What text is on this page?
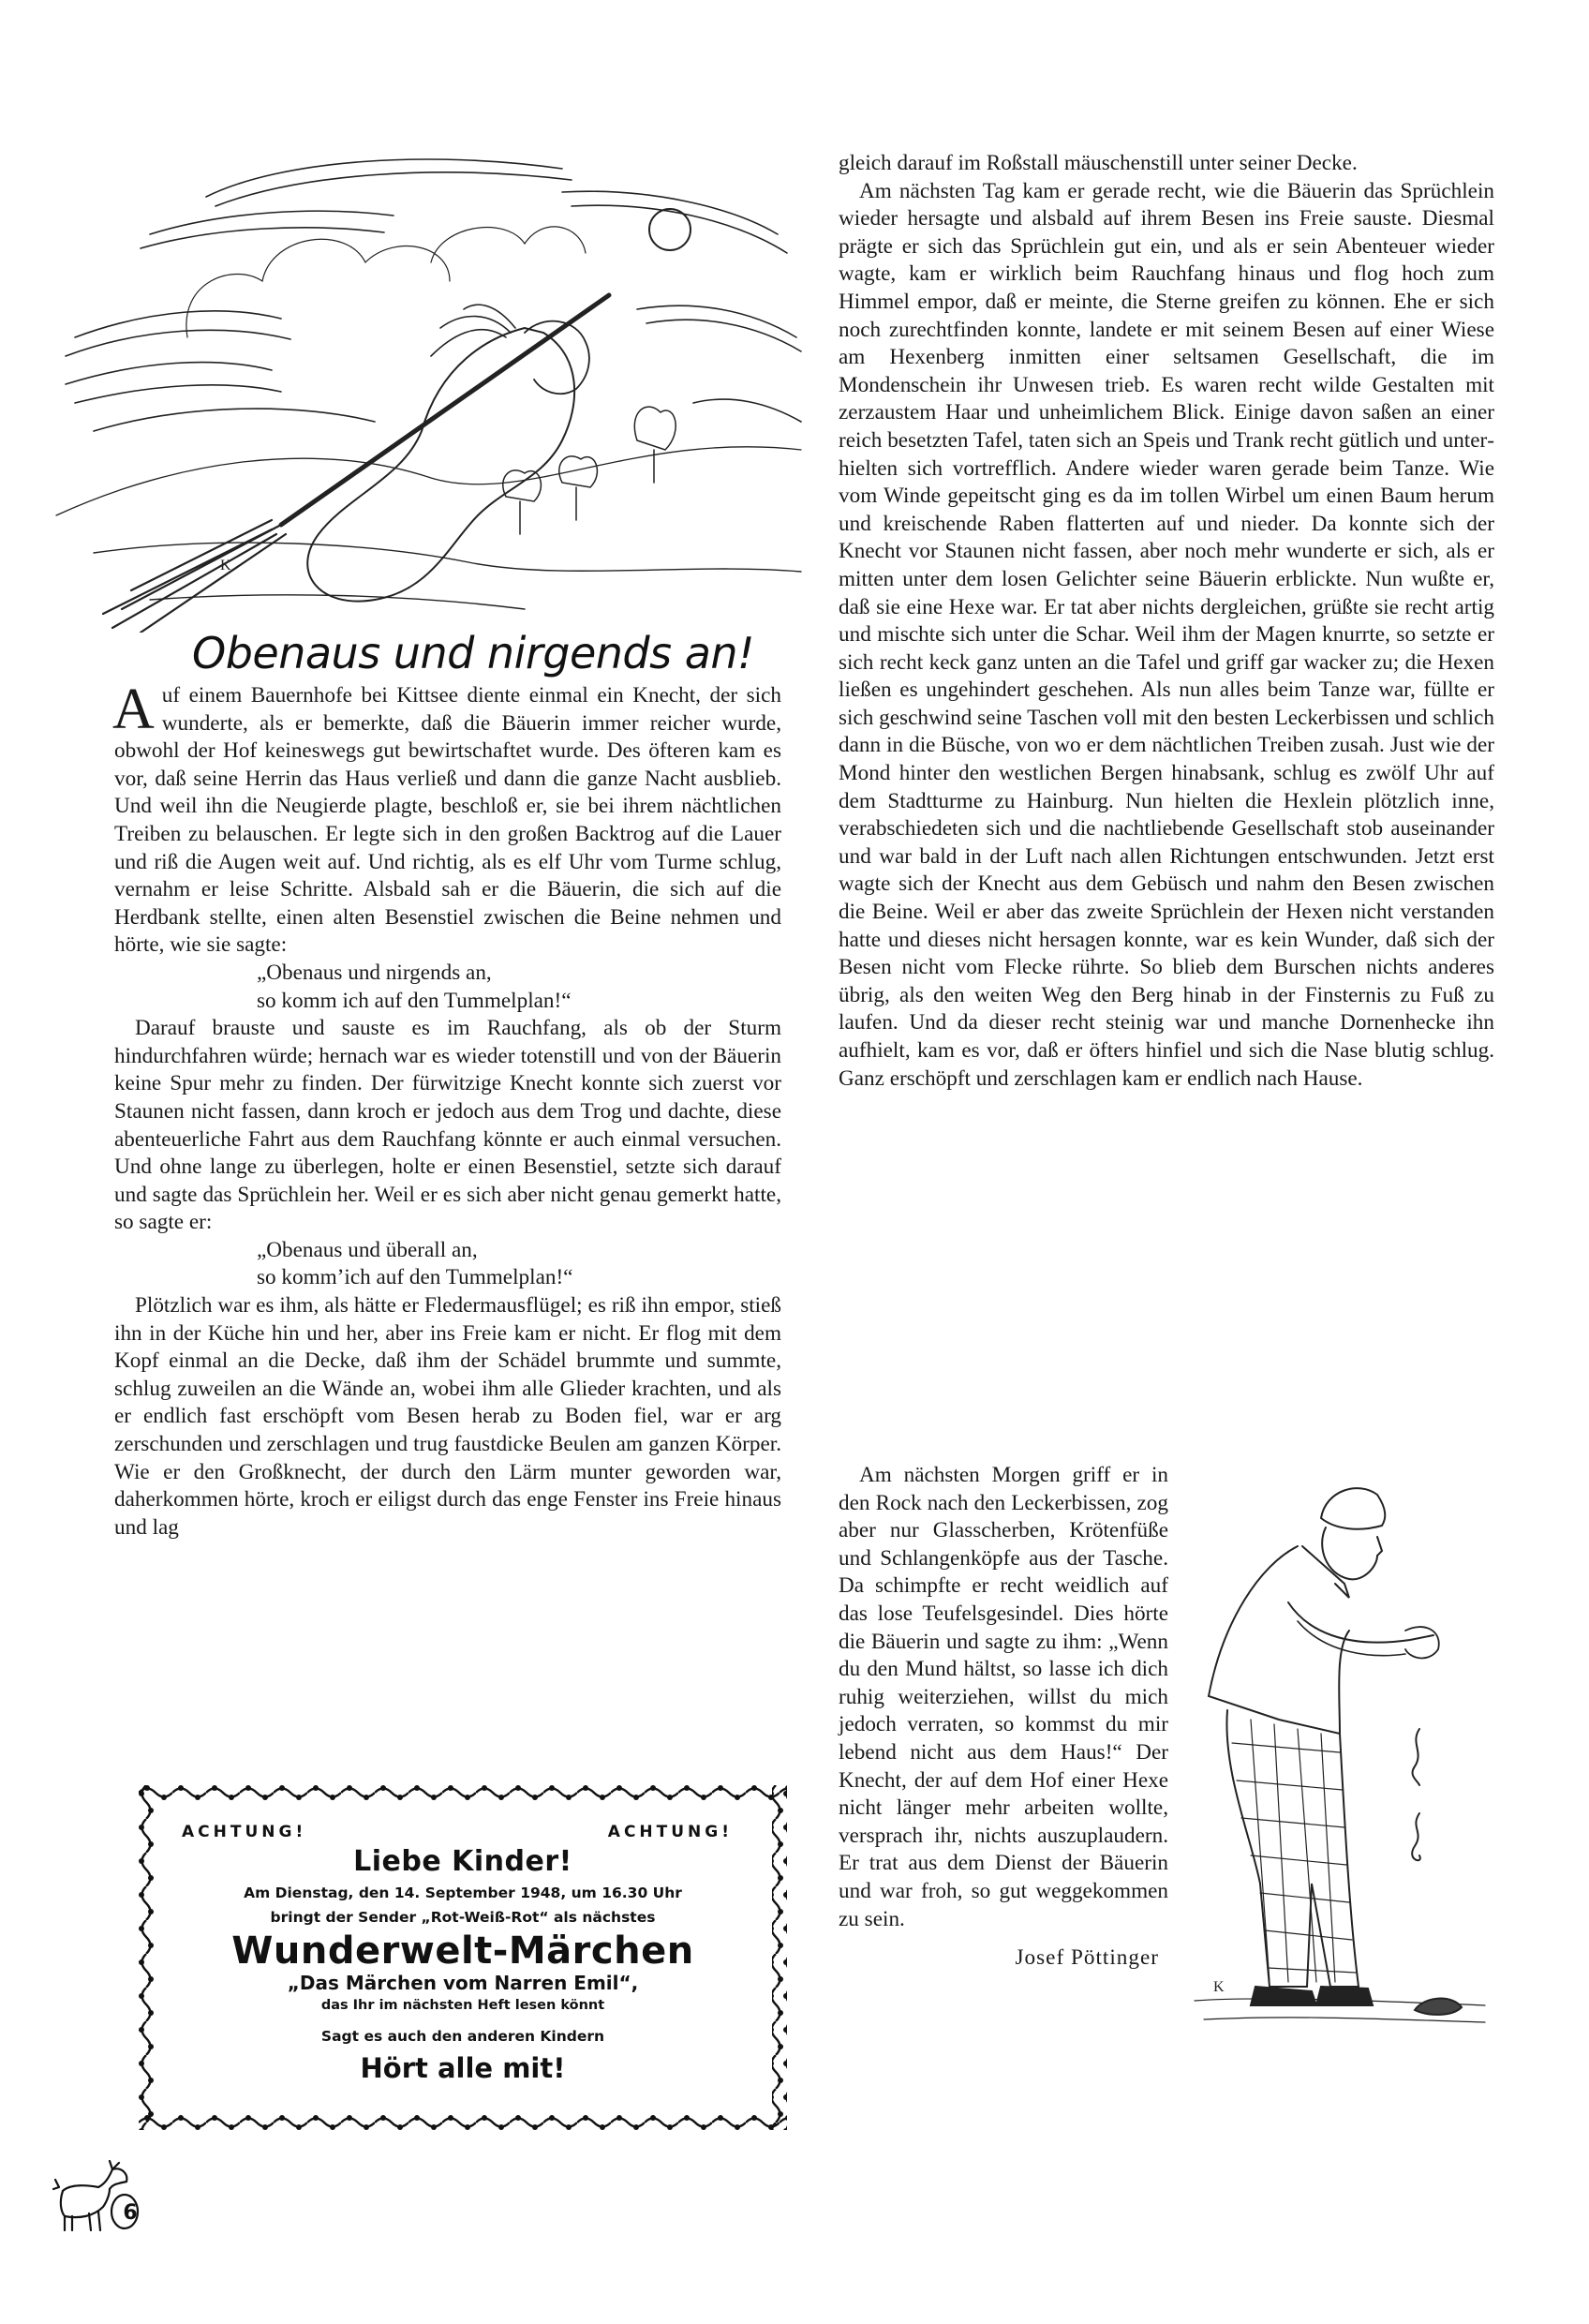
K
Obenaus und nirgends an!

Auf einem Bauernhofe bei Kittsee diente einmal ein Knecht, der sich wunderte, als er bemerkte, daß die Bäuerin immer reicher wurde, obwohl der Hof keineswegs gut bewirtschaftet wurde. Des öfteren kam es vor, daß seine Herrin das Haus verließ und dann die ganze Nacht ausblieb. Und weil ihn die Neugierde plagte, beschloß er, sie bei ihrem nächtlichen Treiben zu belauschen. Er legte sich in den großen Backtrog auf die Lauer und riß die Augen weit auf. Und richtig, als es elf Uhr vom Turme schlug, vernahm er leise Schritte. Alsbald sah er die Bäuerin, die sich auf die Herdbank stellte, einen alten Besenstiel zwischen die Beine nehmen und hörte, wie sie sagte:

„Obenaus und nirgends an,

so komm ich auf den Tummelplan!“

Darauf brauste und sauste es im Rauchfang, als ob der Sturm hindurchfahren würde; hernach war es wieder totenstill und von der Bäuerin keine Spur mehr zu finden. Der fürwitzige Knecht konnte sich zuerst vor Staunen nicht fassen, dann kroch er jedoch aus dem Trog und dachte, diese abenteuerliche Fahrt aus dem Rauchfang könnte er auch einmal versuchen. Und ohne lange zu überlegen, holte er einen Besenstiel, setzte sich darauf und sagte das Sprüchlein her. Weil er es sich aber nicht genau gemerkt hatte, so sagte er:

„Obenaus und überall an,

so komm’ich auf den Tummelplan!“

Plötzlich war es ihm, als hätte er Fledermausflügel; es riß ihn empor, stieß ihn in der Küche hin und her, aber ins Freie kam er nicht. Er flog mit dem Kopf einmal an die Decke, daß ihm der Schädel brummte und summte, schlug zuweilen an die Wände an, wobei ihm alle Glieder krachten, und als er endlich fast erschöpft vom Besen herab zu Boden fiel, war er arg zerschunden und zerschlagen und trug faustdicke Beulen am ganzen Körper. Wie er den Großknecht, der durch den Lärm munter geworden war, daherkommen hörte, kroch er eiligst durch das enge Fenster ins Freie hinaus und lag

gleich darauf im Roßstall mäuschenstill unter seiner Decke.

Am nächsten Tag kam er gerade recht, wie die Bäuerin das Sprüchlein wieder hersagte und alsbald auf ihrem Besen ins Freie sauste. Diesmal prägte er sich das Sprüchlein gut ein, und als er sein Abenteuer wieder wagte, kam er wirklich beim Rauchfang hinaus und flog hoch zum Himmel empor, daß er meinte, die Sterne greifen zu können. Ehe er sich noch zurechtfinden konnte, landete er mit seinem Besen auf einer Wiese am Hexenberg inmitten einer seltsamen Gesellschaft, die im Mondenschein ihr Unwesen trieb. Es waren recht wilde Gestalten mit zerzaustem Haar und unheimlichem Blick. Einige davon saßen an einer reich besetzten Tafel, taten sich an Speis und Trank recht gütlich und unterhielten sich vortrefflich. Andere wieder waren gerade beim Tanze. Wie vom Winde gepeitscht ging es da im tollen Wirbel um einen Baum herum und kreischende Raben flatterten auf und nieder. Da konnte sich der Knecht vor Staunen nicht fassen, aber noch mehr wunderte er sich, als er mitten unter dem losen Gelichter seine Bäuerin erblickte. Nun wußte er, daß sie eine Hexe war. Er tat aber nichts dergleichen, grüßte sie recht artig und mischte sich unter die Schar. Weil ihm der Magen knurrte, so setzte er sich recht keck ganz unten an die Tafel und griff gar wacker zu; die Hexen ließen es ungehindert geschehen. Als nun alles beim Tanze war, füllte er sich geschwind seine Taschen voll mit den besten Leckerbissen und schlich dann in die Büsche, von wo er dem nächtlichen Treiben zusah. Just wie der Mond hinter den westlichen Bergen hinabsank, schlug es zwölf Uhr auf dem Stadtturme zu Hainburg. Nun hielten die Hexlein plötzlich inne, verabschiedeten sich und die nachtliebende Gesellschaft stob auseinander und war bald in der Luft nach allen Richtungen entschwunden. Jetzt erst wagte sich der Knecht aus dem Gebüsch und nahm den Besen zwischen die Beine. Weil er aber das zweite Sprüchlein der Hexen nicht verstanden hatte und dieses nicht hersagen konnte, war es kein Wunder, daß sich der Besen nicht vom Flecke rührte. So blieb dem Burschen nichts anderes übrig, als den weiten Weg den Berg hinab in der Finsternis zu Fuß zu laufen. Und da dieser recht steinig war und manche Dornenhecke ihn aufhielt, kam es vor, daß er öfters hinfiel und sich die Nase blutig schlug. Ganz erschöpft und zerschlagen kam er endlich nach Hause.

Am nächsten Morgen griff er in den Rock nach den Leckerbissen, zog aber nur Glasscherben, Krötenfüße und Schlangenköpfe aus der Tasche. Da schimpfte er recht weidlich auf das lose Teufelsgesindel. Dies hörte die Bäuerin und sagte zu ihm: „Wenn du den Mund hältst, so lasse ich dich ruhig weiterziehen, willst du mich jedoch verraten, so kommst du mir lebend nicht aus dem Haus!“ Der Knecht, der auf dem Hof einer Hexe nicht länger mehr arbeiten wollte, versprach ihr, nichts auszuplaudern. Er trat aus dem Dienst der Bäuerin und war froh, so gut weggekommen zu sein.

Josef Pöttinger

K
ACHTUNG!	ACHTUNG!
Liebe Kinder!
Am Dienstag, den 14. September 1948, um 16.30 Uhr
bringt der Sender „Rot-Weiß-Rot“ als nächstes
Wunderwelt-Märchen
„Das Märchen vom Narren Emil“,
das Ihr im nächsten Heft lesen könnt
Sagt es auch den anderen Kindern
Hört alle mit!
6
